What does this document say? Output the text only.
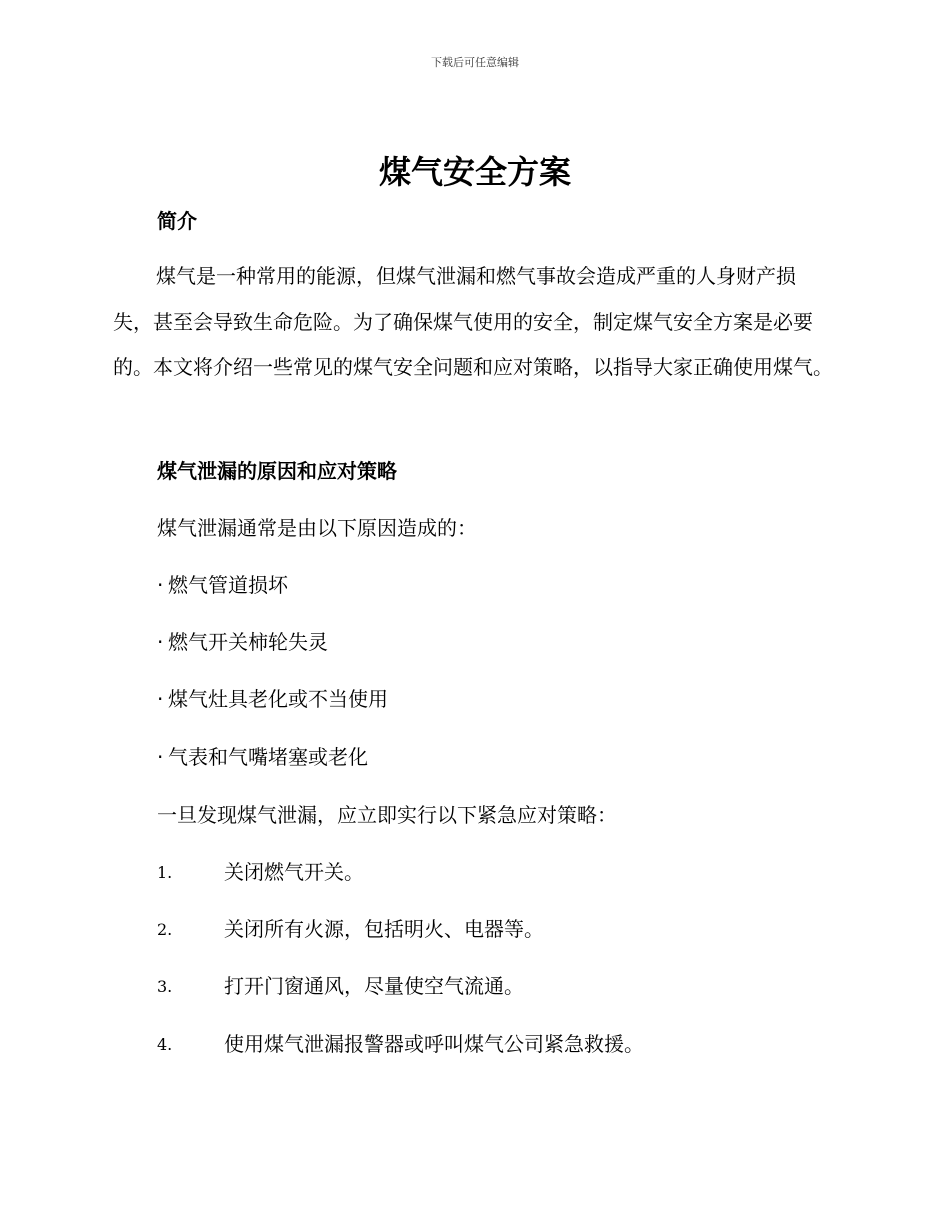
下载后可任意编辑
煤气安全方案
简介

煤气是一种常用的能源，但煤气泄漏和燃气事故会造成严重的人身财产损失，甚至会导致生命危险。为了确保煤气使用的安全，制定煤气安全方案是必要的。本文将介绍一些常见的煤气安全问题和应对策略，以指导大家正确使用煤气。

煤气泄漏的原因和应对策略

煤气泄漏通常是由以下原因造成的：

· 燃气管道损坏

· 燃气开关柿轮失灵

· 煤气灶具老化或不当使用

· 气表和气嘴堵塞或老化

一旦发现煤气泄漏，应立即实行以下紧急应对策略：

1.	关闭燃气开关。
2.	关闭所有火源，包括明火、电器等。
3.	打开门窗通风，尽量使空气流通。
4.	使用煤气泄漏报警器或呼叫煤气公司紧急救援。
